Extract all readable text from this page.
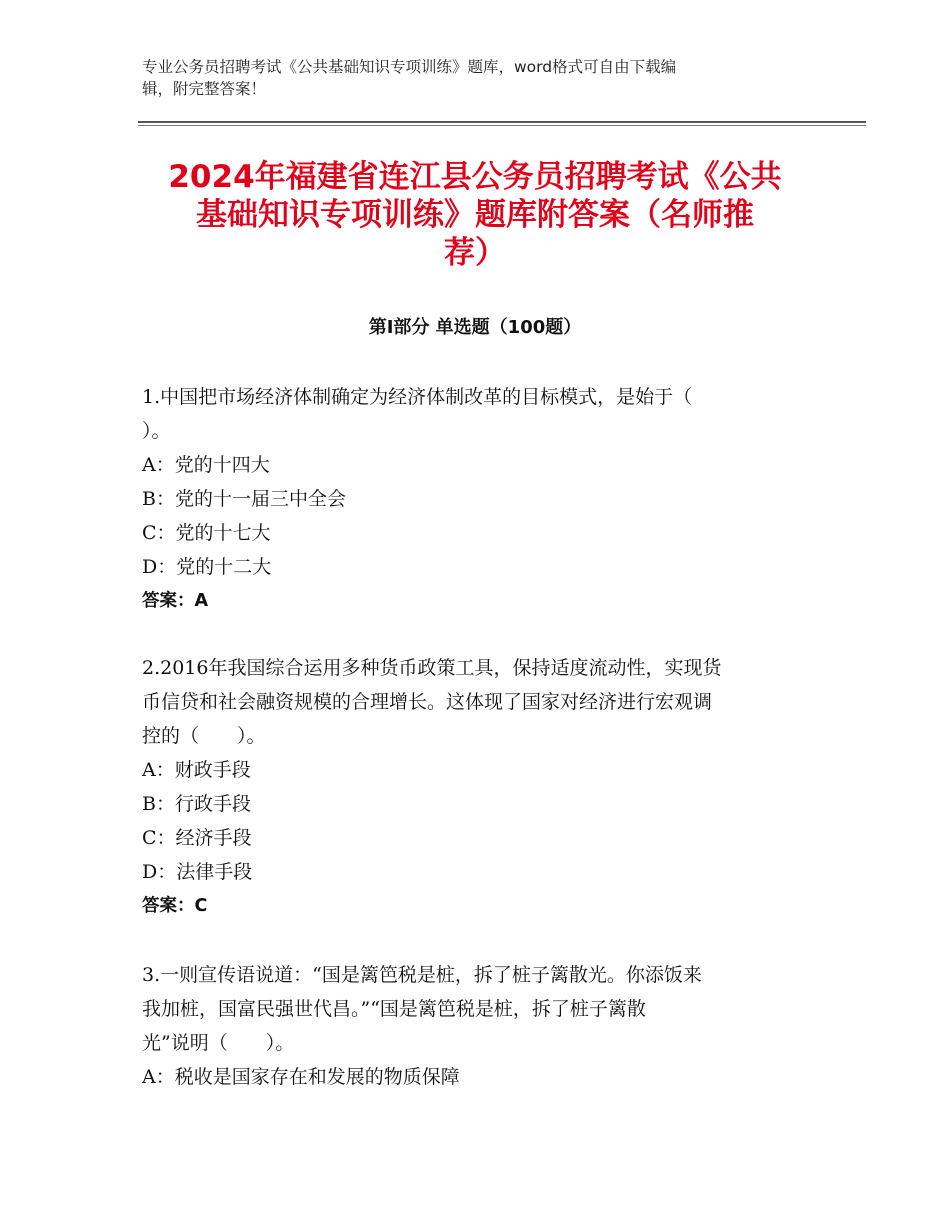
专业公务员招聘考试《公共基础知识专项训练》题库，word格式可自由下载编
辑，附完整答案！
2024年福建省连江县公务员招聘考试《公共
基础知识专项训练》题库附答案（名师推
荐）
第Ⅰ部分 单选题（100题）
1.中国把市场经济体制确定为经济体制改革的目标模式，是始于（
）。
A：党的十四大
B：党的十一届三中全会
C：党的十七大
D：党的十二大
答案：A
2.2016年我国综合运用多种货币政策工具，保持适度流动性，实现货
币信贷和社会融资规模的合理增长。这体现了国家对经济进行宏观调
控的（　　）。
A：财政手段
B：行政手段
C：经济手段
D：法律手段
答案：C
3.一则宣传语说道：“国是篱笆税是桩，拆了桩子篱散光。你添饭来
我加桩，国富民强世代昌。”“国是篱笆税是桩，拆了桩子篱散
光”说明（　　）。
A：税收是国家存在和发展的物质保障
